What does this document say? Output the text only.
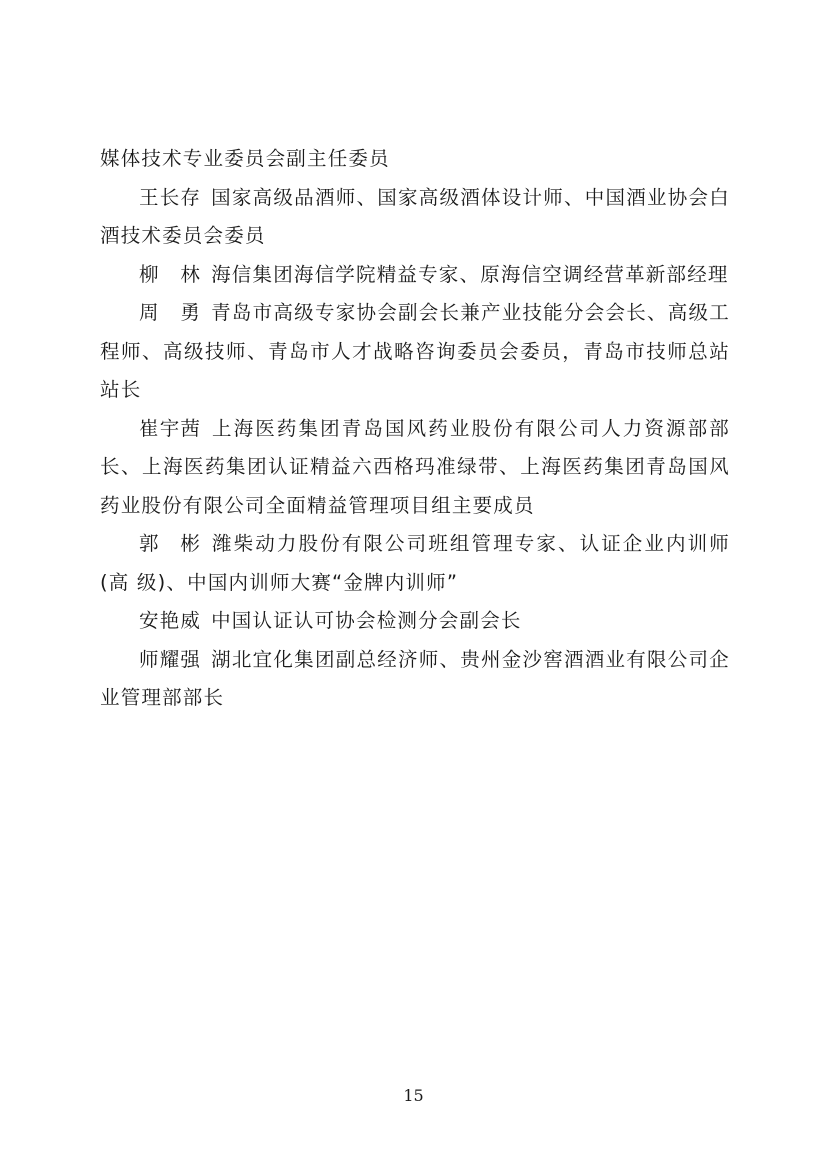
媒体技术专业委员会副主任委员

王长存 国家高级品酒师、国家高级酒体设计师、中国酒业协会白酒技术委员会委员

柳　林 海信集团海信学院精益专家、原海信空调经营革新部经理

周　勇 青岛市高级专家协会副会长兼产业技能分会会长、高级工程师、高级技师、青岛市人才战略咨询委员会委员，青岛市技师总站站长

崔宇茜 上海医药集团青岛国风药业股份有限公司人力资源部部长、上海医药集团认证精益六西格玛准绿带、上海医药集团青岛国风药业股份有限公司全面精益管理项目组主要成员

郭　彬 潍柴动力股份有限公司班组管理专家、认证企业内训师(高 级)、中国内训师大赛“金牌内训师”

安艳威 中国认证认可协会检测分会副会长

师耀强 湖北宜化集团副总经济师、贵州金沙窖酒酒业有限公司企业管理部部长

15
